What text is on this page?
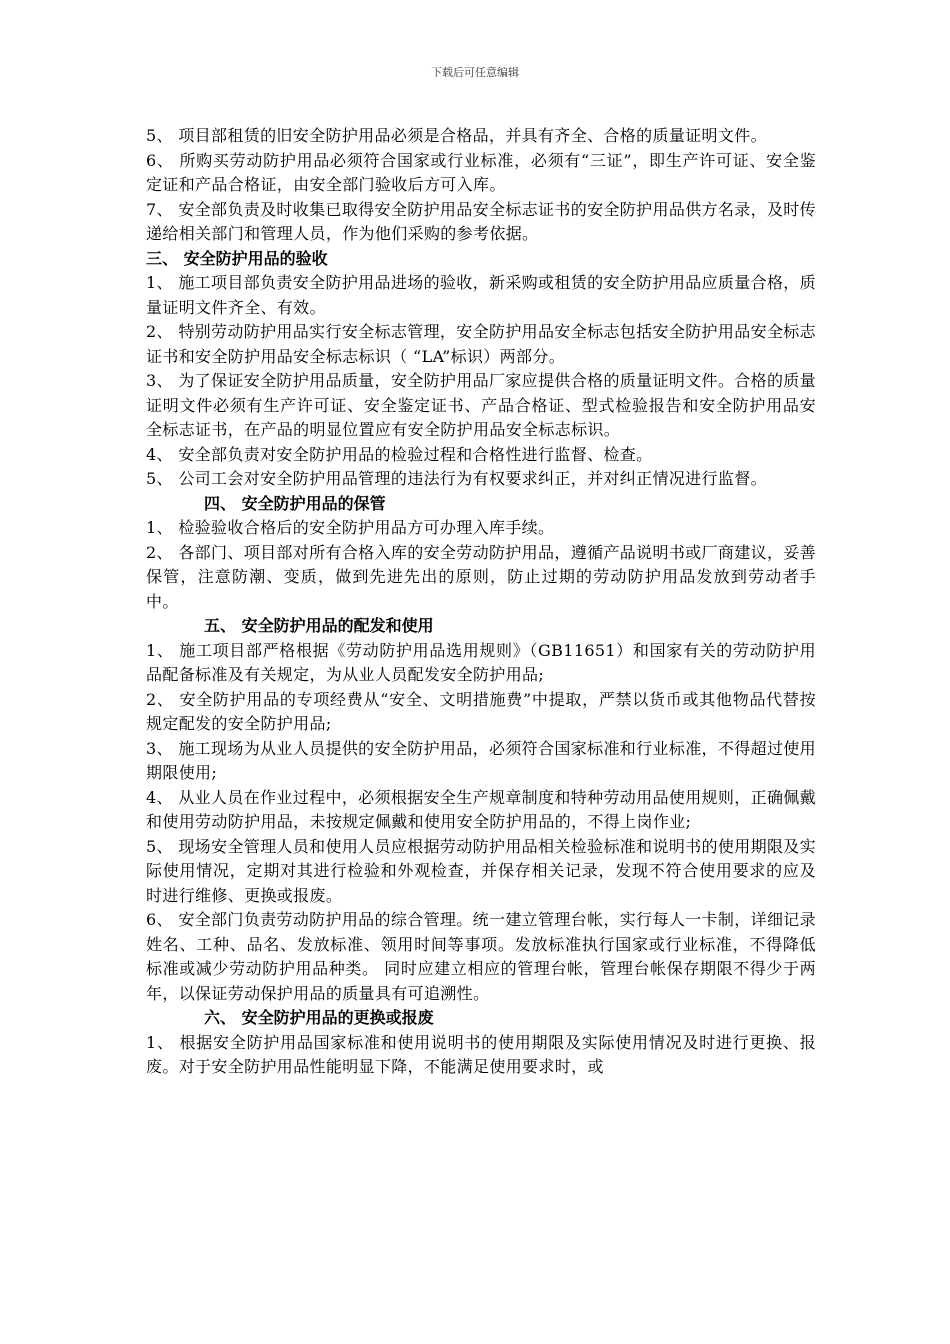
下载后可任意编辑

5、 项目部租赁的旧安全防护用品必须是合格品，并具有齐全、合格的质量证明文件。

6、 所购买劳动防护用品必须符合国家或行业标准，必须有“三证”，即生产许可证、安全鉴定证和产品合格证，由安全部门验收后方可入库。

7、 安全部负责及时收集已取得安全防护用品安全标志证书的安全防护用品供方名录，及时传递给相关部门和管理人员，作为他们采购的参考依据。

三、 安全防护用品的验收

1、 施工项目部负责安全防护用品进场的验收，新采购或租赁的安全防护用品应质量合格，质量证明文件齐全、有效。

2、 特别劳动防护用品实行安全标志管理，安全防护用品安全标志包括安全防护用品安全标志证书和安全防护用品安全标志标识（ “LA”标识）两部分。

3、 为了保证安全防护用品质量，安全防护用品厂家应提供合格的质量证明文件。合格的质量证明文件必须有生产许可证、安全鉴定证书、产品合格证、型式检验报告和安全防护用品安全标志证书，在产品的明显位置应有安全防护用品安全标志标识。

4、 安全部负责对安全防护用品的检验过程和合格性进行监督、检查。

5、 公司工会对安全防护用品管理的违法行为有权要求纠正，并对纠正情况进行监督。

四、 安全防护用品的保管

1、 检验验收合格后的安全防护用品方可办理入库手续。

2、 各部门、项目部对所有合格入库的安全劳动防护用品，遵循产品说明书或厂商建议，妥善保管，注意防潮、变质，做到先进先出的原则，防止过期的劳动防护用品发放到劳动者手中。

五、 安全防护用品的配发和使用

1、 施工项目部严格根据《劳动防护用品选用规则》（GB11651）和国家有关的劳动防护用品配备标准及有关规定，为从业人员配发安全防护用品;

2、 安全防护用品的专项经费从“安全、文明措施费”中提取，严禁以货币或其他物品代替按规定配发的安全防护用品;

3、 施工现场为从业人员提供的安全防护用品，必须符合国家标准和行业标准，不得超过使用期限使用;

4、 从业人员在作业过程中，必须根据安全生产规章制度和特种劳动用品使用规则，正确佩戴和使用劳动防护用品，未按规定佩戴和使用安全防护用品的，不得上岗作业;

5、 现场安全管理人员和使用人员应根据劳动防护用品相关检验标准和说明书的使用期限及实际使用情况，定期对其进行检验和外观检查，并保存相关记录，发现不符合使用要求的应及时进行维修、更换或报废。

6、 安全部门负责劳动防护用品的综合管理。统一建立管理台帐，实行每人一卡制，详细记录姓名、工种、品名、发放标准、领用时间等事项。发放标准执行国家或行业标准，不得降低标准或减少劳动防护用品种类。 同时应建立相应的管理台帐，管理台帐保存期限不得少于两年，以保证劳动保护用品的质量具有可追溯性。

六、 安全防护用品的更换或报废

1、 根据安全防护用品国家标准和使用说明书的使用期限及实际使用情况及时进行更换、报废。对于安全防护用品性能明显下降，不能满足使用要求时，或
